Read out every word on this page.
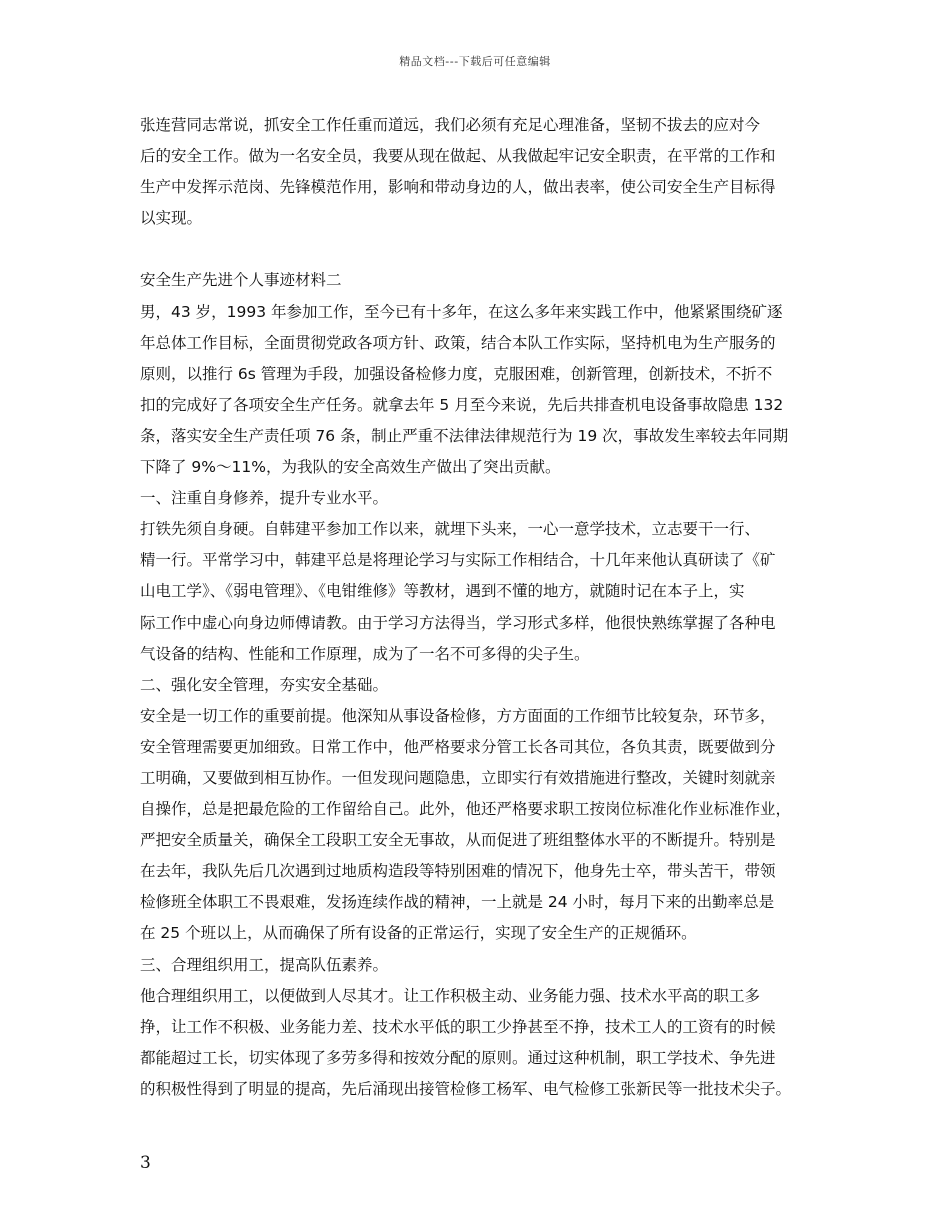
精品文档---下载后可任意编辑
张连营同志常说，抓安全工作任重而道远，我们必须有充足心理准备，坚韧不拔去的应对今
后的安全工作。做为一名安全员，我要从现在做起、从我做起牢记安全职责，在平常的工作和
生产中发挥示范岗、先锋模范作用，影响和带动身边的人，做出表率，使公司安全生产目标得
以实现。
安全生产先进个人事迹材料二
男，43 岁，1993 年参加工作，至今已有十多年，在这么多年来实践工作中，他紧紧围绕矿逐
年总体工作目标，全面贯彻党政各项方针、政策，结合本队工作实际，坚持机电为生产服务的
原则，以推行 6s 管理为手段，加强设备检修力度，克服困难，创新管理，创新技术，不折不
扣的完成好了各项安全生产任务。就拿去年 5 月至今来说，先后共排查机电设备事故隐患 132
条，落实安全生产责任项 76 条，制止严重不法律法律规范行为 19 次，事故发生率较去年同期
下降了 9%～11%，为我队的安全高效生产做出了突出贡献。
一、注重自身修养，提升专业水平。
打铁先须自身硬。自韩建平参加工作以来，就埋下头来，一心一意学技术，立志要干一行、
精一行。平常学习中，韩建平总是将理论学习与实际工作相结合，十几年来他认真研读了《矿
山电工学》、《弱电管理》、《电钳维修》等教材，遇到不懂的地方，就随时记在本子上，实
际工作中虚心向身边师傅请教。由于学习方法得当，学习形式多样，他很快熟练掌握了各种电
气设备的结构、性能和工作原理，成为了一名不可多得的尖子生。
二、强化安全管理，夯实安全基础。
安全是一切工作的重要前提。他深知从事设备检修，方方面面的工作细节比较复杂，环节多，
安全管理需要更加细致。日常工作中，他严格要求分管工长各司其位，各负其责，既要做到分
工明确，又要做到相互协作。一但发现问题隐患，立即实行有效措施进行整改，关键时刻就亲
自操作，总是把最危险的工作留给自己。此外，他还严格要求职工按岗位标准化作业标准作业，
严把安全质量关，确保全工段职工安全无事故，从而促进了班组整体水平的不断提升。特别是
在去年，我队先后几次遇到过地质构造段等特别困难的情况下，他身先士卒，带头苦干，带领
检修班全体职工不畏艰难，发扬连续作战的精神，一上就是 24 小时，每月下来的出勤率总是
在 25 个班以上，从而确保了所有设备的正常运行，实现了安全生产的正规循环。
三、合理组织用工，提高队伍素养。
他合理组织用工，以便做到人尽其才。让工作积极主动、业务能力强、技术水平高的职工多
挣，让工作不积极、业务能力差、技术水平低的职工少挣甚至不挣，技术工人的工资有的时候
都能超过工长，切实体现了多劳多得和按效分配的原则。通过这种机制，职工学技术、争先进
的积极性得到了明显的提高，先后涌现出接管检修工杨军、电气检修工张新民等一批技术尖子。
3
